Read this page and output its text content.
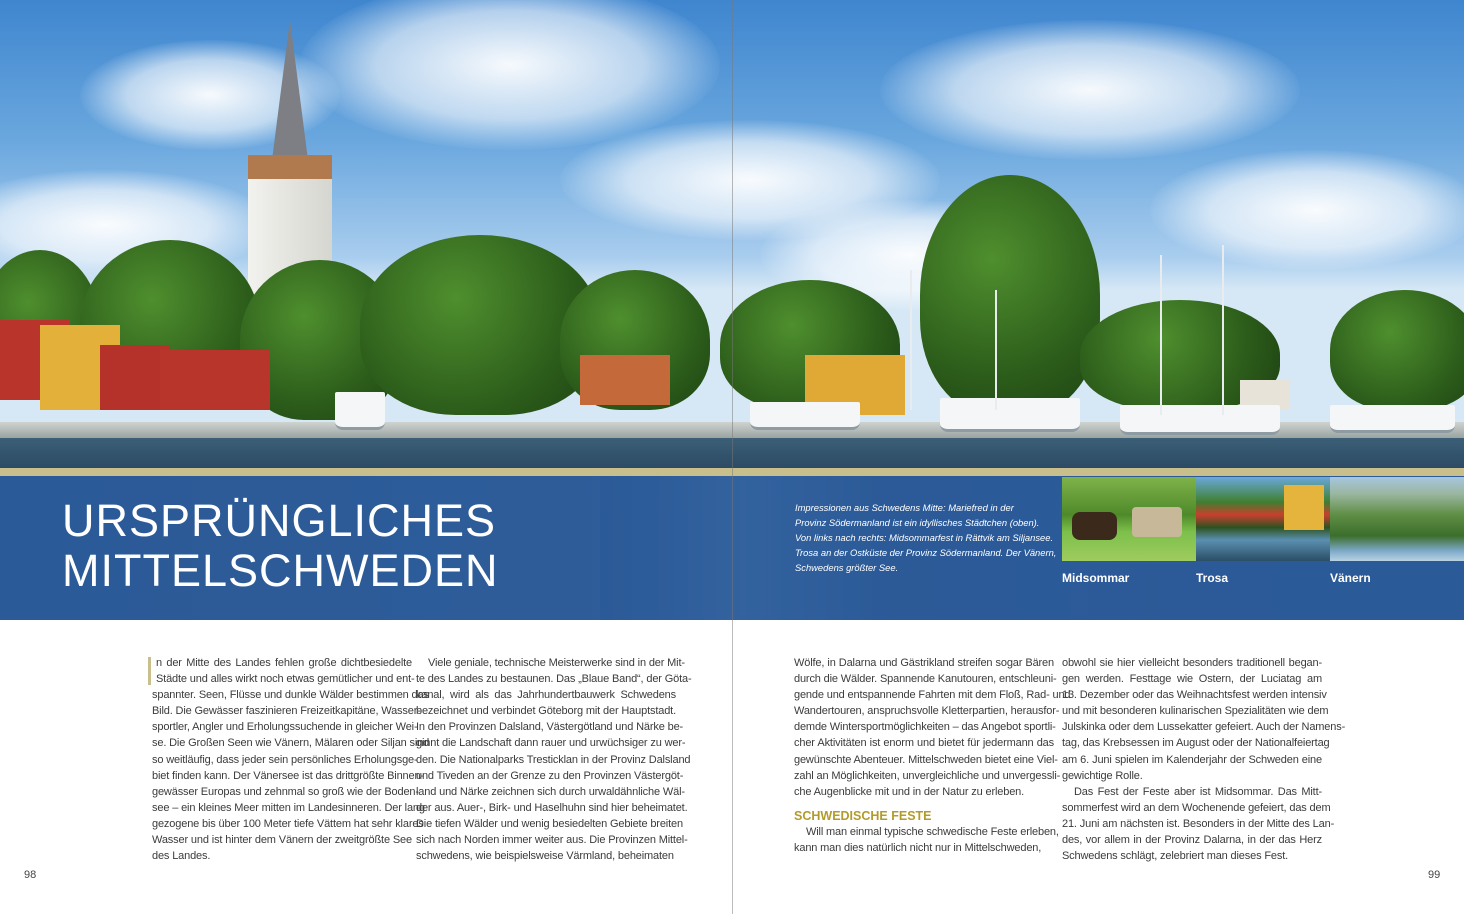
URSPRÜNGLICHES
MITTELSCHWEDEN
Impressionen aus Schwedens Mitte: Mariefred in der
Provinz Södermanland ist ein idyllisches Städtchen (oben).
Von links nach rechts: Midsommarfest in Rättvik am Siljansee.
Trosa an der Ostküste der Provinz Södermanland. Der Vänern,
Schwedens größter See.
Midsommar	Trosa	Vänern
n der Mitte des Landes fehlen große dichtbesiedelte
Städte und alles wirkt noch etwas gemütlicher und ent-
spannter. Seen, Flüsse und dunkle Wälder bestimmen das
Bild. Die Gewässer faszinieren Freizeitkapitäne, Wasser-
sportler, Angler und Erholungssuchende in gleicher Wei-
se. Die Großen Seen wie Vänern, Mälaren oder Siljan sind
so weitläufig, dass jeder sein persönliches Erholungsge-
biet finden kann. Der Vänersee ist das drittgrößte Binnen-
gewässer Europas und zehnmal so groß wie der Boden-
see – ein kleines Meer mitten im Landesinneren. Der lang
gezogene bis über 100 Meter tiefe Vättem hat sehr klares
Wasser und ist hinter dem Vänern der zweitgrößte See
des Landes.
Viele geniale, technische Meisterwerke sind in der Mit-
te des Landes zu bestaunen. Das „Blaue Band“, der Göta-
kanal, wird als das Jahrhundertbauwerk Schwedens
bezeichnet und verbindet Göteborg mit der Hauptstadt.
In den Provinzen Dalsland, Västergötland und Närke be-
ginnt die Landschaft dann rauer und urwüchsiger zu wer-
den. Die Nationalparks Tresticklan in der Provinz Dalsland
und Tiveden an der Grenze zu den Provinzen Västergöt-
land und Närke zeichnen sich durch urwaldähnliche Wäl-
der aus. Auer-, Birk- und Haselhuhn sind hier beheimatet.
Die tiefen Wälder und wenig besiedelten Gebiete breiten
sich nach Norden immer weiter aus. Die Provinzen Mittel-
schwedens, wie beispielsweise Värmland, beheimaten
Wölfe, in Dalarna und Gästrikland streifen sogar Bären
durch die Wälder. Spannende Kanutouren, entschleuni-
gende und entspannende Fahrten mit dem Floß, Rad- und
Wandertouren, anspruchsvolle Kletterpartien, herausfor-
demde Wintersportmöglichkeiten – das Angebot sportli-
cher Aktivitäten ist enorm und bietet für jedermann das
gewünschte Abenteuer. Mittelschweden bietet eine Viel-
zahl an Möglichkeiten, unvergleichliche und unvergessli-
che Augenblicke mit und in der Natur zu erleben.
SCHWEDISCHE FESTE
Will man einmal typische schwedische Feste erleben,
kann man dies natürlich nicht nur in Mittelschweden,
obwohl sie hier vielleicht besonders traditionell began-
gen werden. Festtage wie Ostern, der Luciatag am
13. Dezember oder das Weihnachtsfest werden intensiv
und mit besonderen kulinarischen Spezialitäten wie dem
Julskinka oder dem Lussekatter gefeiert. Auch der Namens-
tag, das Krebsessen im August oder der Nationalfeiertag
am 6. Juni spielen im Kalenderjahr der Schweden eine
gewichtige Rolle.
Das Fest der Feste aber ist Midsommar. Das Mitt-
sommerfest wird an dem Wochenende gefeiert, das dem
21. Juni am nächsten ist. Besonders in der Mitte des Lan-
des, vor allem in der Provinz Dalarna, in der das Herz
Schwedens schlägt, zelebriert man dieses Fest.
98	99
